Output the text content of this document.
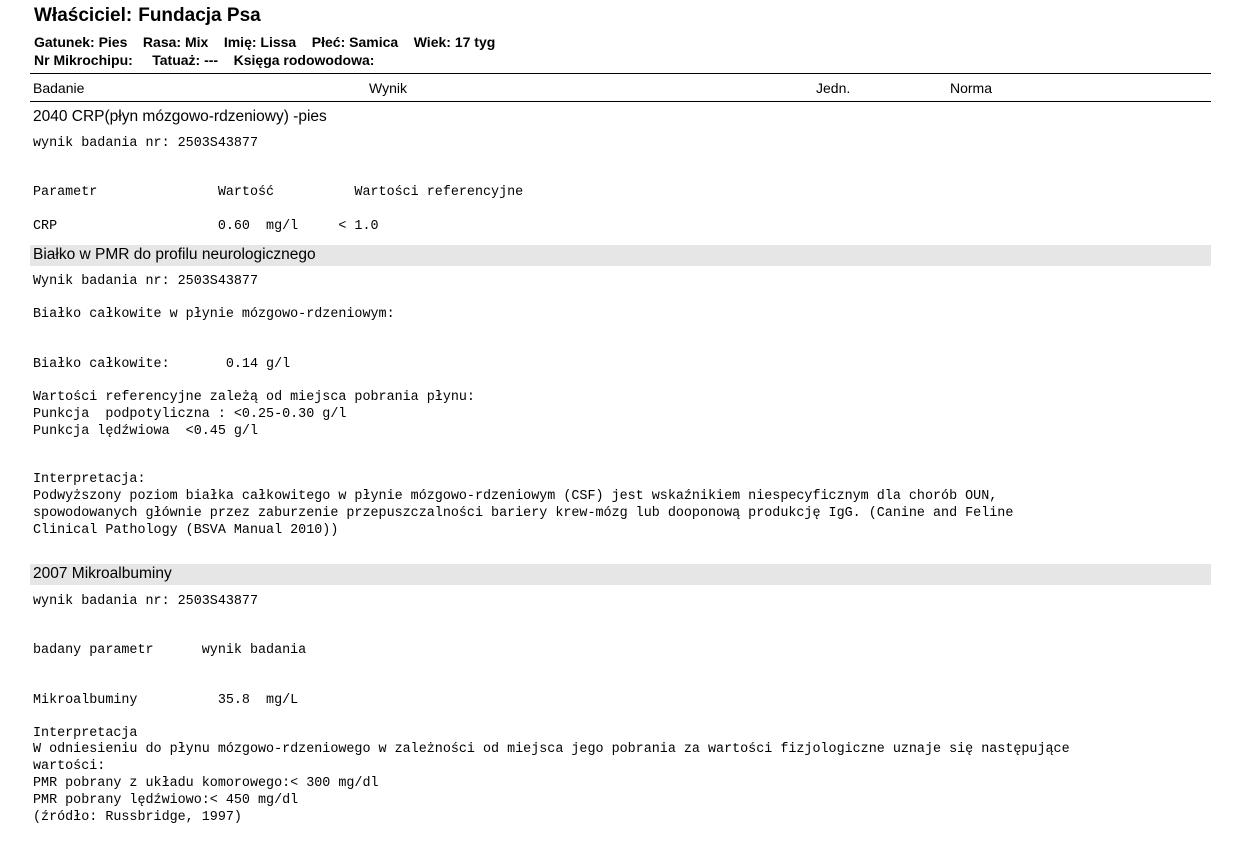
Właściciel: Fundacja Psa
Gatunek: Pies    Rasa: Mix    Imię: Lissa    Płeć: Samica    Wiek: 17 tyg
Nr Mikrochipu:     Tatuaż: ---    Księga rodowodowa:
Badanie	Wynik	Jedn.	Norma
2040 CRP(płyn mózgowo-rdzeniowy) -pies
wynik badania nr: 2503S43877
Parametr               Wartość          Wartości referencyjne
CRP                    0.60  mg/l     < 1.0
Białko w PMR do profilu neurologicznego
Wynik badania nr: 2503S43877
Białko całkowite w płynie mózgowo-rdzeniowym:
Białko całkowite:       0.14 g/l
Wartości referencyjne zależą od miejsca pobrania płynu:
Punkcja  podpotyliczna : <0.25-0.30 g/l
Punkcja lędźwiowa  <0.45 g/l
Interpretacja:
Podwyższony poziom białka całkowitego w płynie mózgowo-rdzeniowym (CSF) jest wskaźnikiem niespecyficznym dla chorób OUN,
spowodowanych głównie przez zaburzenie przepuszczalności bariery krew-mózg lub dooponową produkcję IgG. (Canine and Feline
Clinical Pathology (BSVA Manual 2010))
2007 Mikroalbuminy
wynik badania nr: 2503S43877
badany parametr      wynik badania
Mikroalbuminy          35.8  mg/L
Interpretacja
W odniesieniu do płynu mózgowo-rdzeniowego w zależności od miejsca jego pobrania za wartości fizjologiczne uznaje się następujące
wartości:
PMR pobrany z układu komorowego:< 300 mg/dl
PMR pobrany lędźwiowo:< 450 mg/dl
(źródło: Russbridge, 1997)
